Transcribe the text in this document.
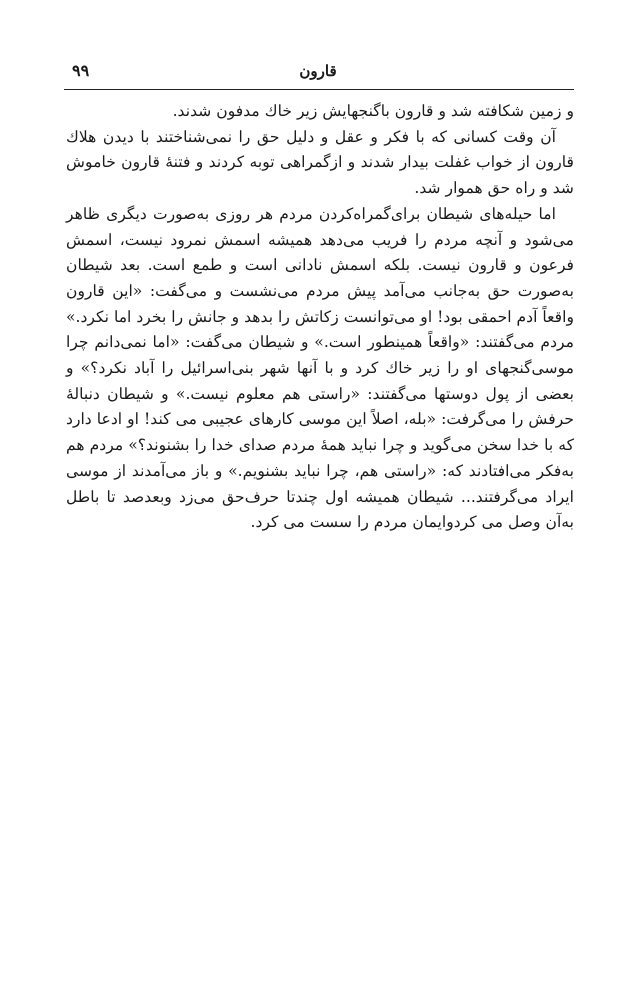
قارون
۹۹

و زمین شکافته شد و قارون باگنجهایش زیر خاك مدفون شدند.

آن وقت کسانی که با فکر و عقل و دلیل حق را نمی‌شناختند با دیدن هلاك قارون از خواب غفلت بیدار شدند و ازگمراهی توبه کردند و فتنهٔ قارون خاموش شد و راه حق هموار شد.

اما حیله‌های شیطان برای‌گمراه‌کردن مردم هر روزی به‌صورت دیگری ظاهر می‌شود و آنچه مردم را فریب می‌دهد همیشه اسمش نمرود نیست، اسمش فرعون و قارون نیست. بلکه اسمش نادانی است و طمع است. بعد شیطان به‌صورت حق به‌جانب می‌آمد پیش مردم می‌نشست و می‌گفت: «این قارون واقعاً آدم احمقی بود! او می‌توانست زکاتش را بدهد و جانش را بخرد اما نکرد.» مردم می‌گفتند: «واقعاً همینطور است.» و شیطان می‌گفت: «اما نمی‌دانم چرا موسی‌گنجهای او را زیر خاك کرد و با آنها شهر بنی‌اسرائیل را آباد نکرد؟» و بعضی از پول دوستها می‌گفتند: «راستی هم معلوم نیست.» و شیطان دنبالهٔ حرفش را می‌گرفت: «بله، اصلاً این موسی کارهای عجیبی می کند! او ادعا دارد که با خدا سخن می‌گوید و چرا نباید همهٔ مردم صدای خدا را بشنوند؟» مردم هم به‌فکر می‌افتادند که: «راستی هم، چرا نباید بشنویم.» و باز می‌آمدند از موسی ایراد می‌گرفتند... شیطان همیشه اول چندتا حرف‌حق می‌زد وبعدصد تا باطل به‌آن وصل می کردوایمان مردم را سست می کرد.
